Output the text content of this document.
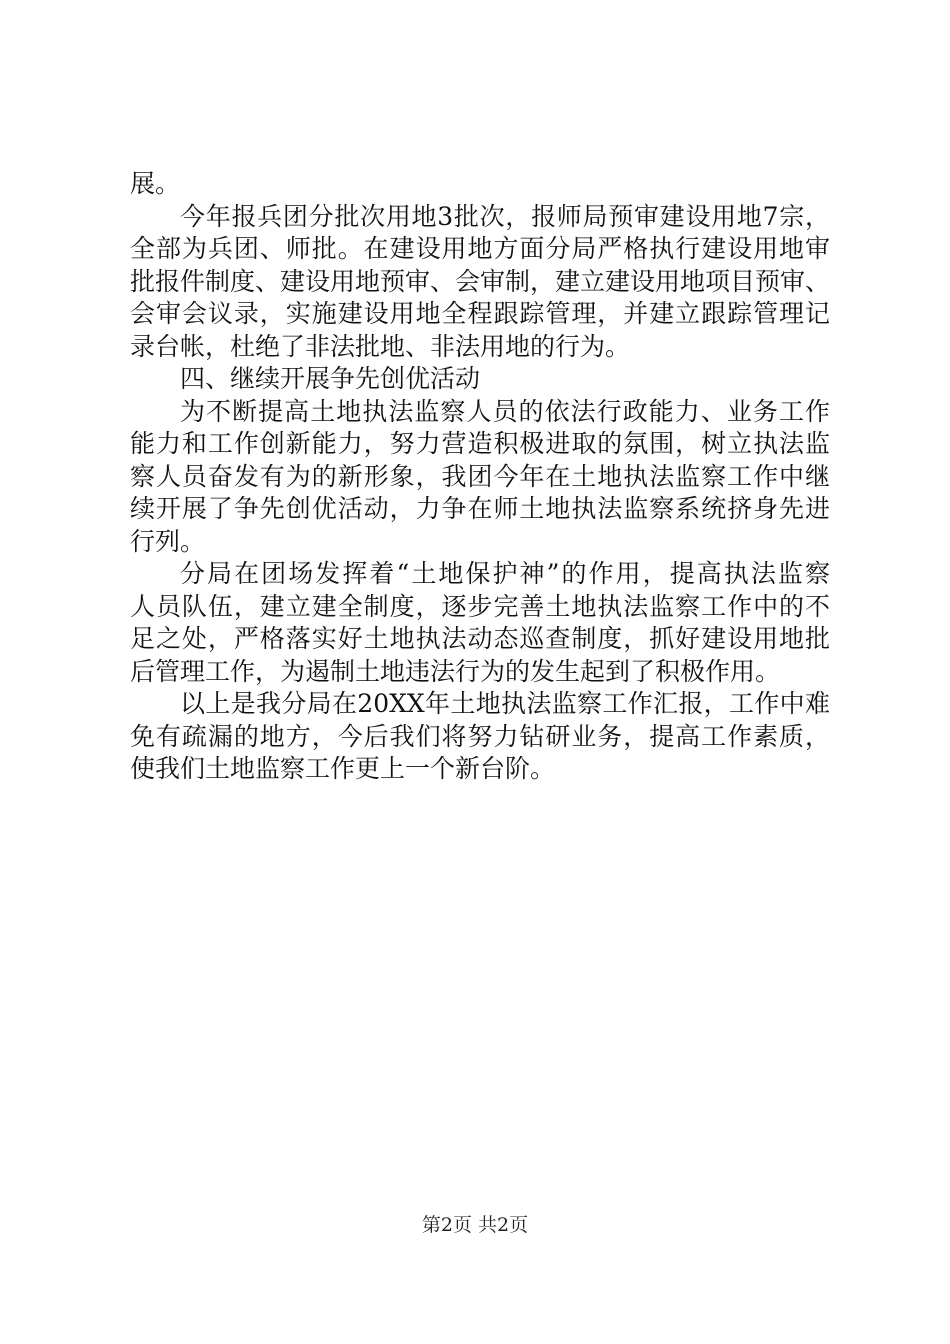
展。
今年报兵团分批次用地3批次，报师局预审建设用地7宗，
全部为兵团、师批。在建设用地方面分局严格执行建设用地审
批报件制度、建设用地预审、会审制，建立建设用地项目预审、
会审会议录，实施建设用地全程跟踪管理，并建立跟踪管理记
录台帐，杜绝了非法批地、非法用地的行为。
四、继续开展争先创优活动
为不断提高土地执法监察人员的依法行政能力、业务工作
能力和工作创新能力，努力营造积极进取的氛围，树立执法监
察人员奋发有为的新形象，我团今年在土地执法监察工作中继
续开展了争先创优活动，力争在师土地执法监察系统挤身先进
行列。
分局在团场发挥着“土地保护神”的作用，提高执法监察
人员队伍，建立建全制度，逐步完善土地执法监察工作中的不
足之处，严格落实好土地执法动态巡查制度，抓好建设用地批
后管理工作，为遏制土地违法行为的发生起到了积极作用。
以上是我分局在20XX年土地执法监察工作汇报，工作中难
免有疏漏的地方，今后我们将努力钻研业务，提高工作素质，
使我们土地监察工作更上一个新台阶。
第2页 共2页
